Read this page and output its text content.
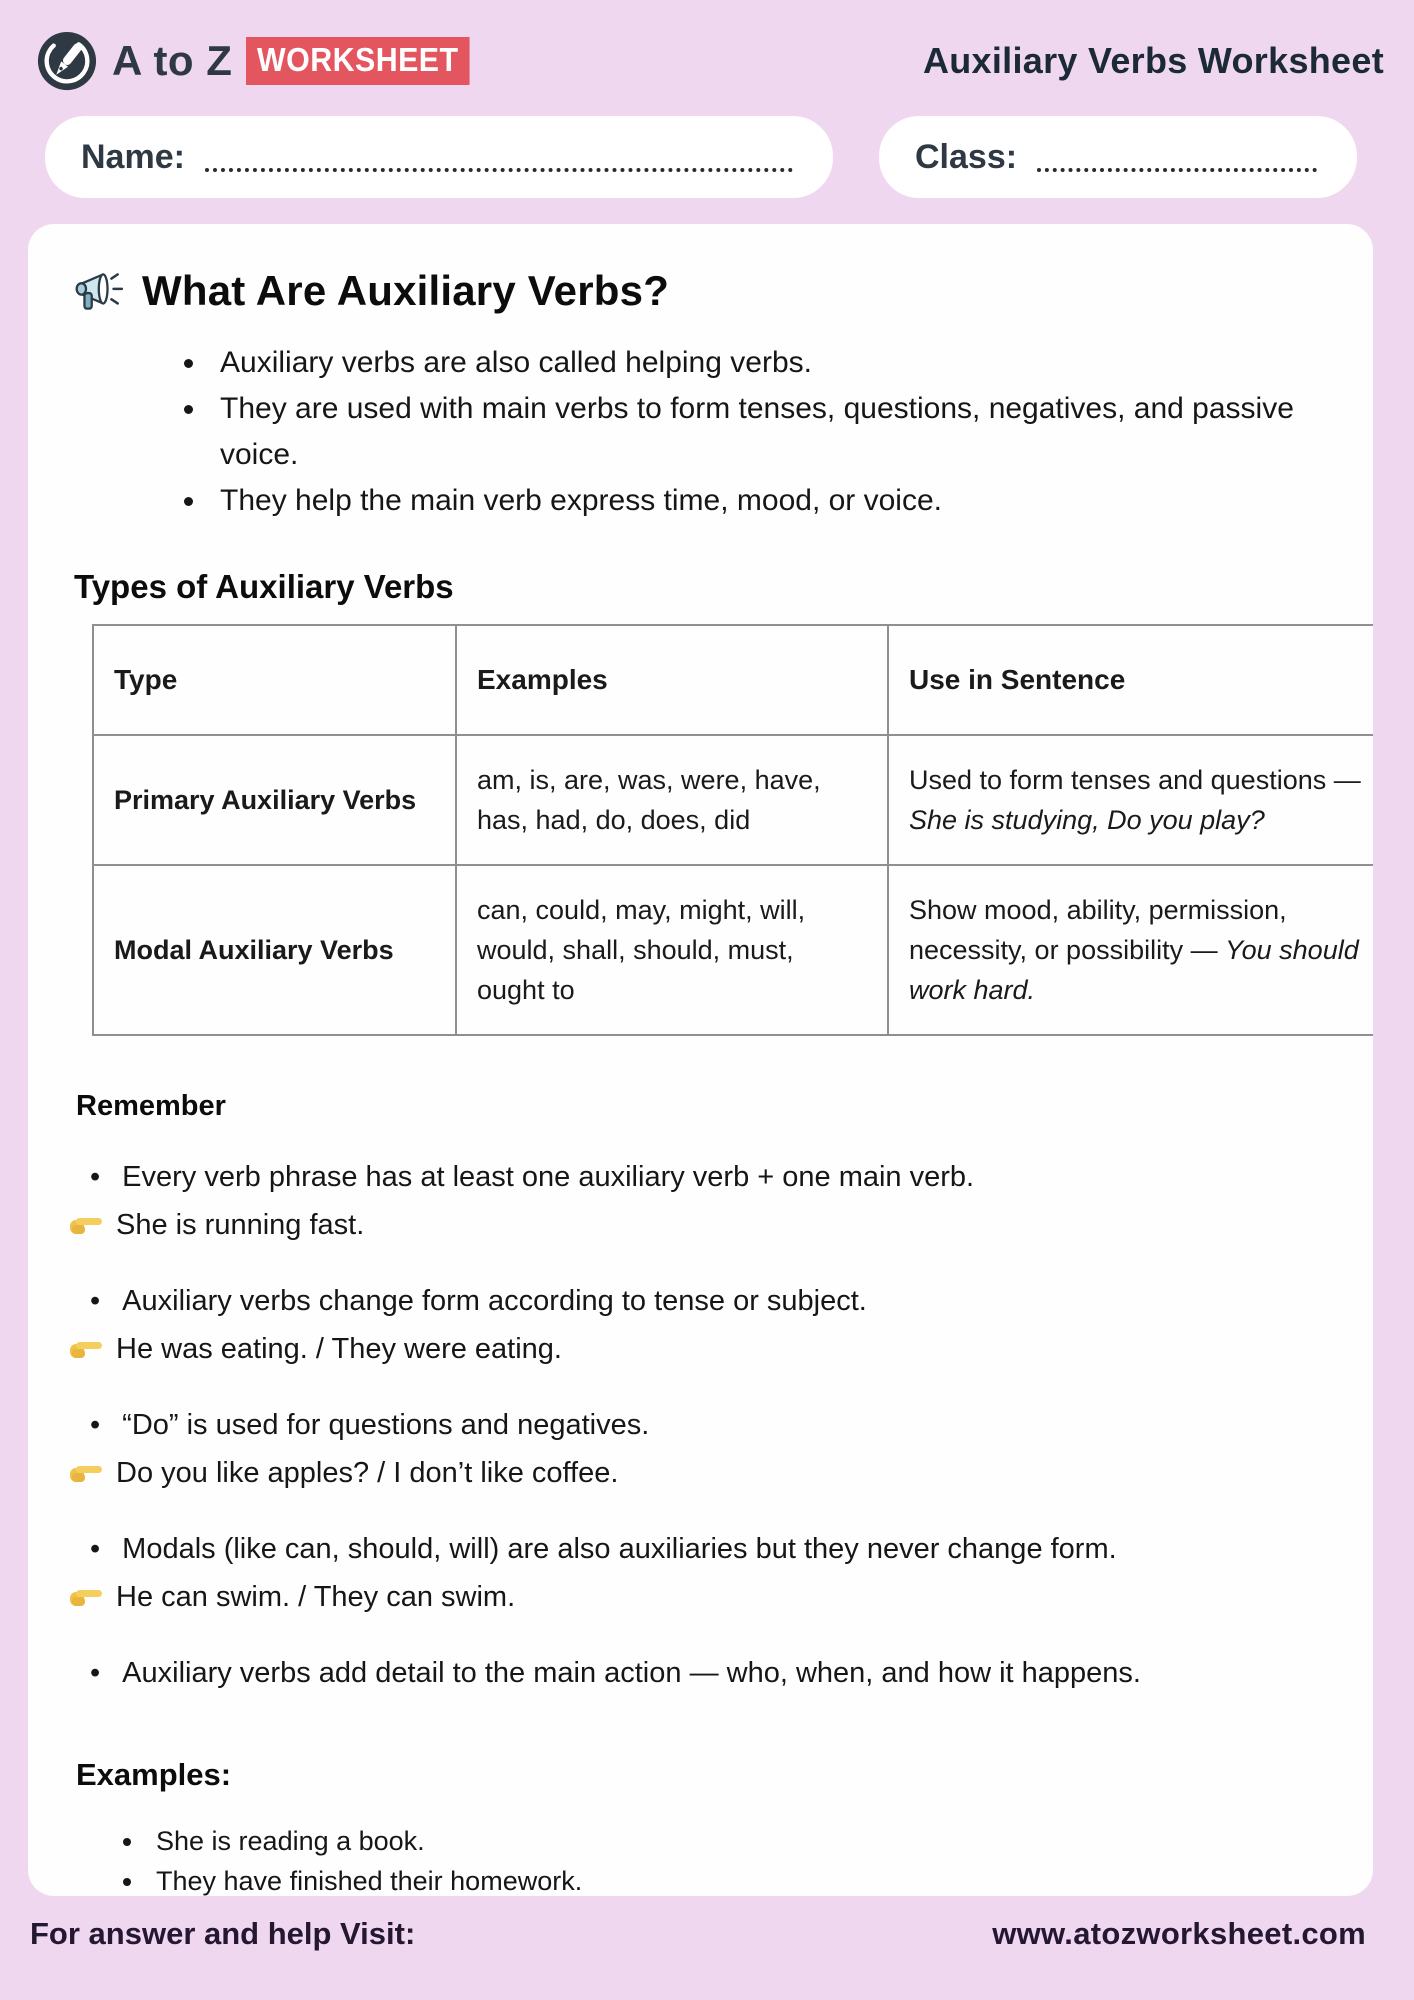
A to Z WORKSHEET	Auxiliary Verbs Worksheet
Name:	Class:
What Are Auxiliary Verbs?
• Auxiliary verbs are also called helping verbs.
• They are used with main verbs to form tenses, questions, negatives, and passive voice.
• They help the main verb express time, mood, or voice.
Types of Auxiliary Verbs
Type	Examples	Use in Sentence
Primary Auxiliary Verbs	am, is, are, was, were, have, has, had, do, does, did	Used to form tenses and questions — She is studying, Do you play?
Modal Auxiliary Verbs	can, could, may, might, will, would, shall, should, must, ought to	Show mood, ability, permission, necessity, or possibility — You should work hard.
Remember
• Every verb phrase has at least one auxiliary verb + one main verb.
She is running fast.
• Auxiliary verbs change form according to tense or subject.
He was eating. / They were eating.
• “Do” is used for questions and negatives.
Do you like apples? / I don’t like coffee.
• Modals (like can, should, will) are also auxiliaries but they never change form.
He can swim. / They can swim.
• Auxiliary verbs add detail to the main action — who, when, and how it happens.
Examples:
• She is reading a book.
• They have finished their homework.
For answer and help Visit:	www.atozworksheet.com
